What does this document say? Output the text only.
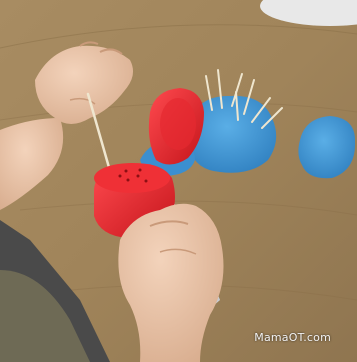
MamaOT.com
